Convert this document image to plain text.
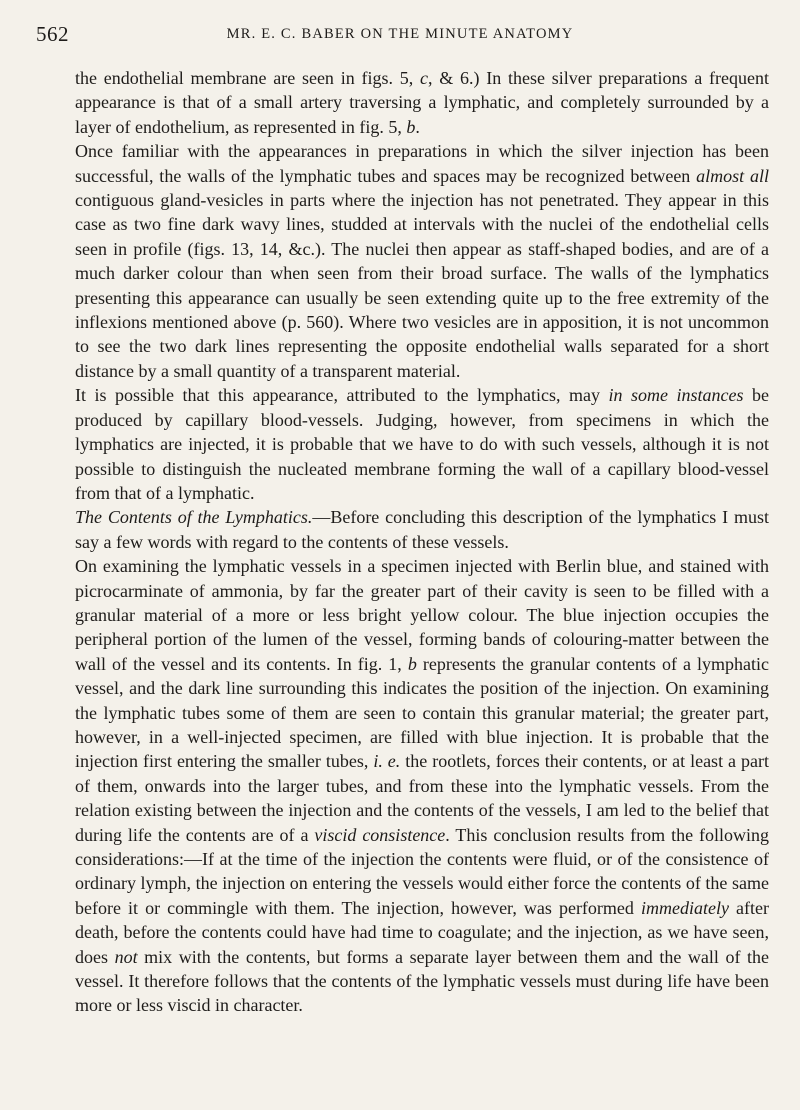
562	MR. E. C. BABER ON THE MINUTE ANATOMY

the endothelial membrane are seen in figs. 5, c, & 6.) In these silver preparations a frequent appearance is that of a small artery traversing a lymphatic, and completely surrounded by a layer of endothelium, as represented in fig. 5, b.

Once familiar with the appearances in preparations in which the silver injection has been successful, the walls of the lymphatic tubes and spaces may be recognized between almost all contiguous gland-vesicles in parts where the injection has not penetrated. They appear in this case as two fine dark wavy lines, studded at intervals with the nuclei of the endothelial cells seen in profile (figs. 13, 14, &c.). The nuclei then appear as staff-shaped bodies, and are of a much darker colour than when seen from their broad surface. The walls of the lymphatics presenting this appearance can usually be seen extending quite up to the free extremity of the inflexions mentioned above (p. 560). Where two vesicles are in apposition, it is not uncommon to see the two dark lines representing the opposite endothelial walls separated for a short distance by a small quantity of a transparent material.

It is possible that this appearance, attributed to the lymphatics, may in some instances be produced by capillary blood-vessels. Judging, however, from specimens in which the lymphatics are injected, it is probable that we have to do with such vessels, although it is not possible to distinguish the nucleated membrane forming the wall of a capillary blood-vessel from that of a lymphatic.

The Contents of the Lymphatics.—Before concluding this description of the lymphatics I must say a few words with regard to the contents of these vessels.

On examining the lymphatic vessels in a specimen injected with Berlin blue, and stained with picrocarminate of ammonia, by far the greater part of their cavity is seen to be filled with a granular material of a more or less bright yellow colour. The blue injection occupies the peripheral portion of the lumen of the vessel, forming bands of colouring-matter between the wall of the vessel and its contents. In fig. 1, b represents the granular contents of a lymphatic vessel, and the dark line surrounding this indicates the position of the injection. On examining the lymphatic tubes some of them are seen to contain this granular material; the greater part, however, in a well-injected specimen, are filled with blue injection. It is probable that the injection first entering the smaller tubes, i. e. the rootlets, forces their contents, or at least a part of them, onwards into the larger tubes, and from these into the lymphatic vessels. From the relation existing between the injection and the contents of the vessels, I am led to the belief that during life the contents are of a viscid consistence. This conclusion results from the following considerations:—If at the time of the injection the contents were fluid, or of the consistence of ordinary lymph, the injection on entering the vessels would either force the contents of the same before it or commingle with them. The injection, however, was performed immediately after death, before the contents could have had time to coagulate; and the injection, as we have seen, does not mix with the contents, but forms a separate layer between them and the wall of the vessel. It therefore follows that the contents of the lymphatic vessels must during life have been more or less viscid in character.
